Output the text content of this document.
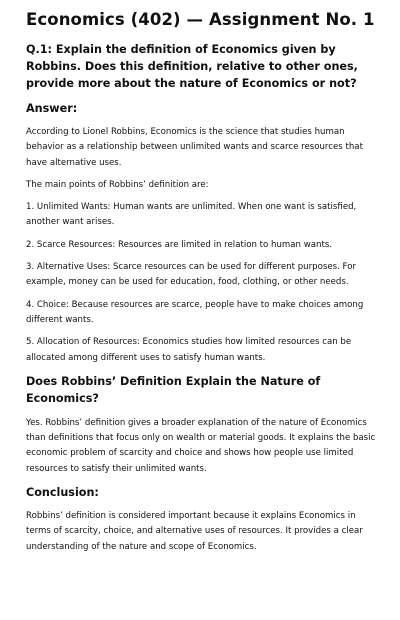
Economics (402) — Assignment No. 1
Q.1: Explain the definition of Economics given by Robbins. Does this definition, relative to other ones, provide more about the nature of Economics or not?
Answer:

According to Lionel Robbins, Economics is the science that studies human behavior as a relationship between unlimited wants and scarce resources that have alternative uses.

The main points of Robbins’ definition are:

1. Unlimited Wants: Human wants are unlimited. When one want is satisfied, another want arises.
2. Scarce Resources: Resources are limited in relation to human wants.
3. Alternative Uses: Scarce resources can be used for different purposes. For example, money can be used for education, food, clothing, or other needs.
4. Choice: Because resources are scarce, people have to make choices among different wants.
5. Allocation of Resources: Economics studies how limited resources can be allocated among different uses to satisfy human wants.
Does Robbins’ Definition Explain the Nature of Economics?

Yes. Robbins’ definition gives a broader explanation of the nature of Economics than definitions that focus only on wealth or material goods. It explains the basic economic problem of scarcity and choice and shows how people use limited resources to satisfy their unlimited wants.

Conclusion:

Robbins’ definition is considered important because it explains Economics in terms of scarcity, choice, and alternative uses of resources. It provides a clear understanding of the nature and scope of Economics.
